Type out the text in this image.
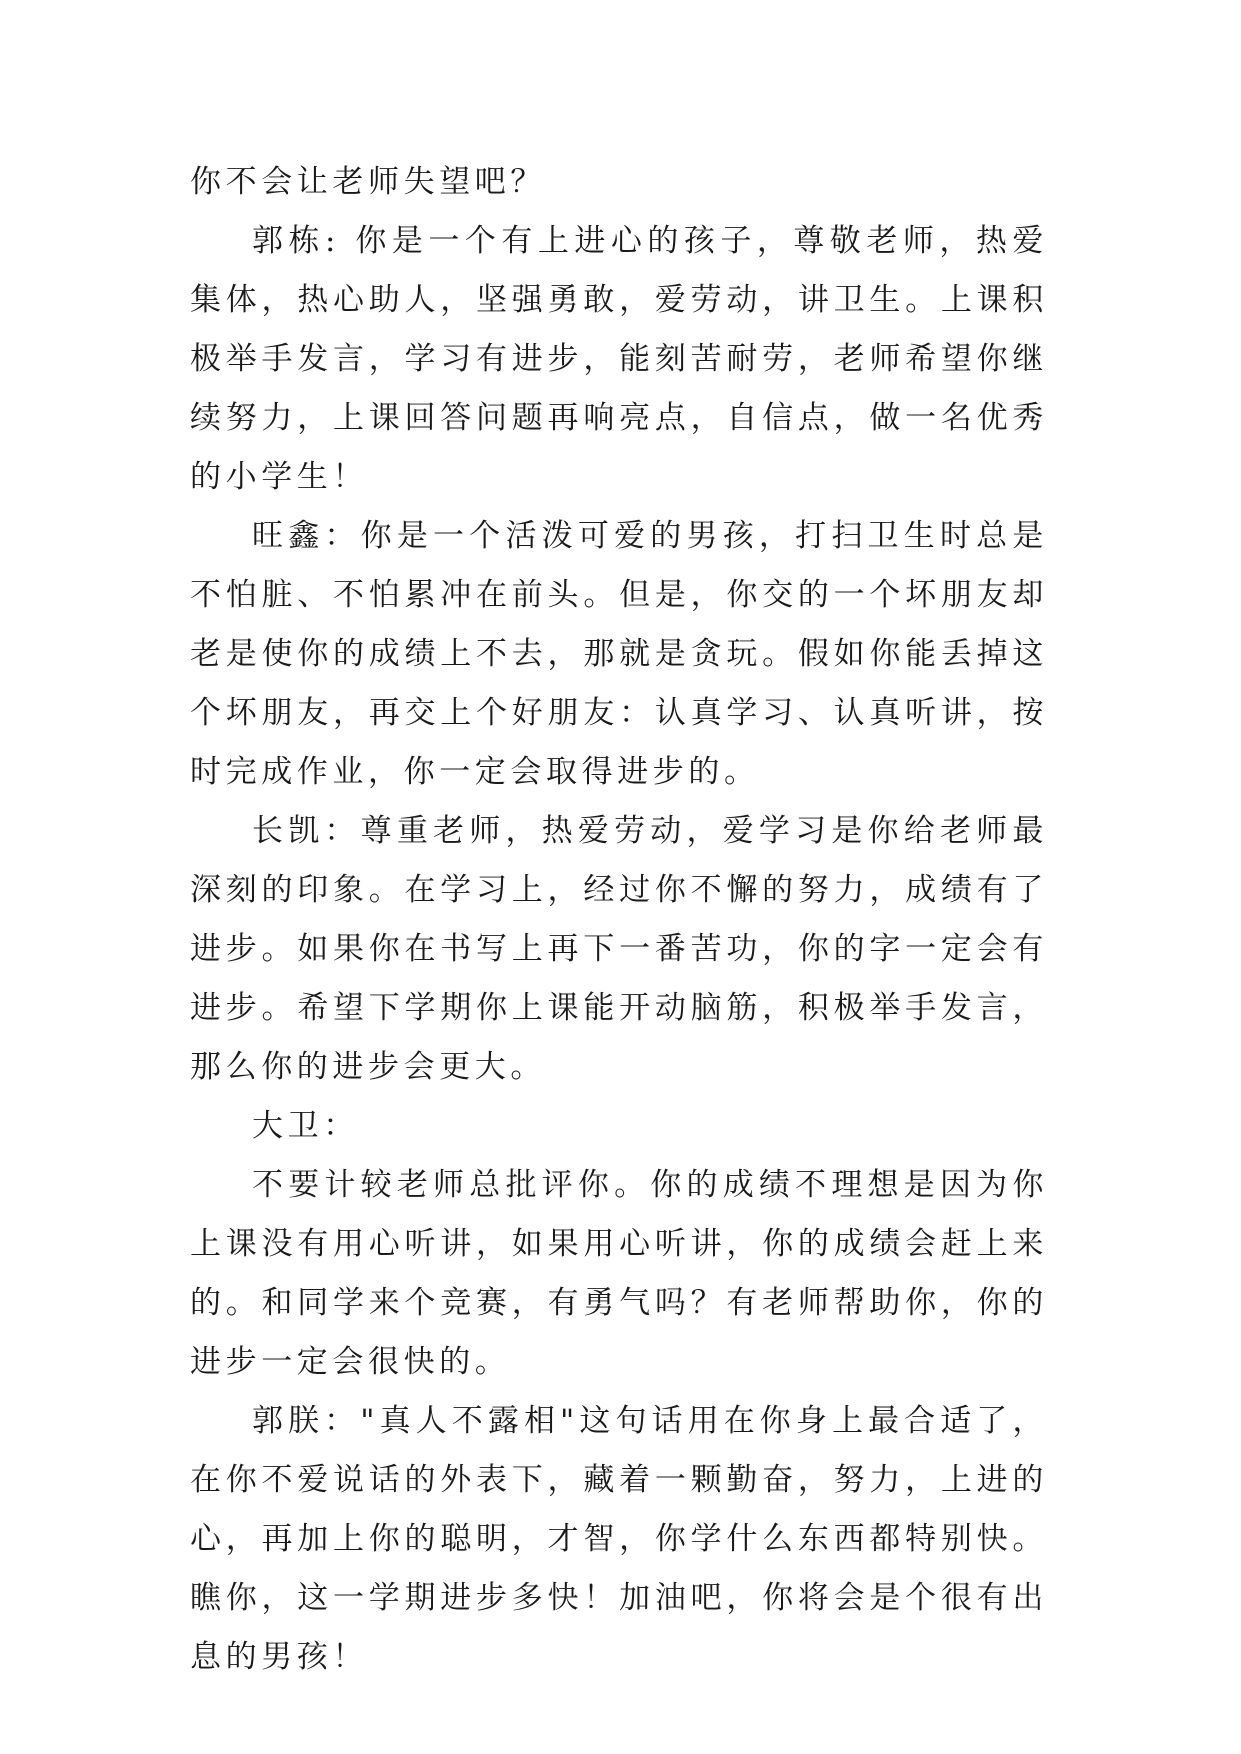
你不会让老师失望吧？

郭栋: 你是一个有上进心的孩子，尊敬老师，热爱集体，热心助人，坚强勇敢，爱劳动，讲卫生。上课积极举手发言，学习有进步，能刻苦耐劳，老师希望你继续努力，上课回答问题再响亮点，自信点，做一名优秀的小学生！

旺鑫：你是一个活泼可爱的男孩，打扫卫生时总是不怕脏、不怕累冲在前头。但是，你交的一个坏朋友却老是使你的成绩上不去，那就是贪玩。假如你能丢掉这个坏朋友，再交上个好朋友：认真学习、认真听讲，按时完成作业，你一定会取得进步的。

长凯：尊重老师，热爱劳动，爱学习是你给老师最深刻的印象。在学习上，经过你不懈的努力，成绩有了进步。如果你在书写上再下一番苦功，你的字一定会有进步。希望下学期你上课能开动脑筋，积极举手发言，那么你的进步会更大。

大卫：

不要计较老师总批评你。你的成绩不理想是因为你上课没有用心听讲，如果用心听讲，你的成绩会赶上来的。和同学来个竞赛，有勇气吗？有老师帮助你，你的进步一定会很快的。

郭朕："真人不露相"这句话用在你身上最合适了，在你不爱说话的外表下，藏着一颗勤奋，努力，上进的心，再加上你的聪明，才智，你学什么东西都特别快。瞧你，这一学期进步多快！加油吧，你将会是个很有出息的男孩！
